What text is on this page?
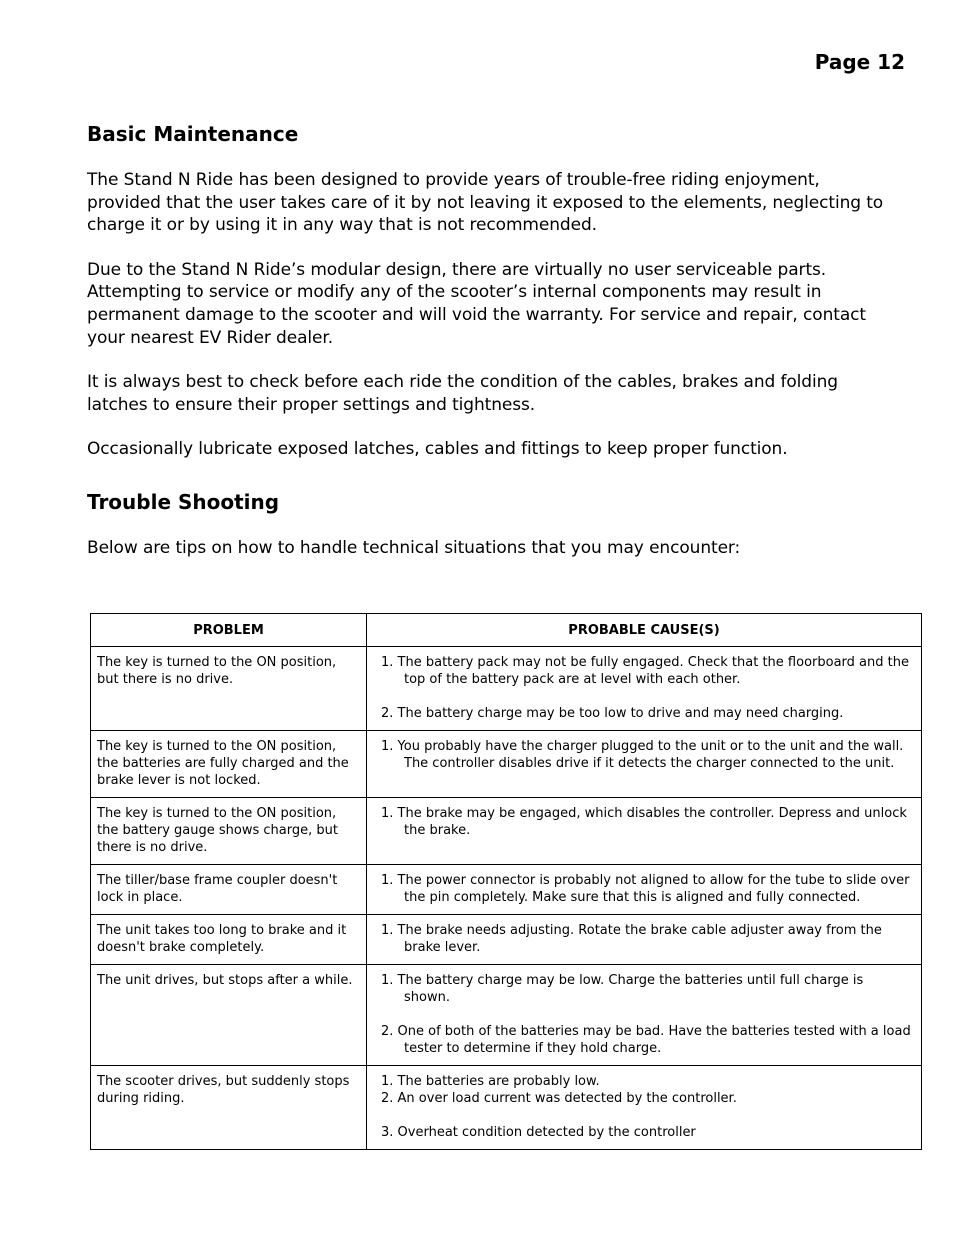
Page 12
Basic Maintenance

The Stand N Ride has been designed to provide years of trouble-free riding enjoyment, provided that the user takes care of it by not leaving it exposed to the elements, neglecting to charge it or by using it in any way that is not recommended.

Due to the Stand N Ride’s modular design, there are virtually no user serviceable parts. Attempting to service or modify any of the scooter’s internal components may result in permanent damage to the scooter and will void the warranty. For service and repair, contact your nearest EV Rider dealer.

It is always best to check before each ride the condition of the cables, brakes and folding latches to ensure their proper settings and tightness.

Occasionally lubricate exposed latches, cables and fittings to keep proper function.

Trouble Shooting

Below are tips on how to handle technical situations that you may encounter:

PROBLEM	PROBABLE CAUSE(S)
The key is turned to the ON position, but there is no drive.	1. The battery pack may not be fully engaged. Check that the floorboard and the top of the battery pack are at level with each other.
2. The battery charge may be too low to drive and may need charging.

The key is turned to the ON position, the batteries are fully charged and the brake lever is not locked.	1. You probably have the charger plugged to the unit or to the unit and the wall. The controller disables drive if it detects the charger connected to the unit.

The key is turned to the ON position, the battery gauge shows charge, but there is no drive.	1. The brake may be engaged, which disables the controller. Depress and unlock the brake.

The tiller/base frame coupler doesn't lock in place.	1. The power connector is probably not aligned to allow for the tube to slide over the pin completely. Make sure that this is aligned and fully connected.

The unit takes too long to brake and it doesn't brake completely.	1. The brake needs adjusting. Rotate the brake cable adjuster away from the brake lever.

The unit drives, but stops after a while.	1. The battery charge may be low. Charge the batteries until full charge is shown.
2. One of both of the batteries may be bad. Have the batteries tested with a load tester to determine if they hold charge.

The scooter drives, but suddenly stops during riding.	1. The batteries are probably low.
2. An over load current was detected by the controller.
3. Overheat condition detected by the controller
